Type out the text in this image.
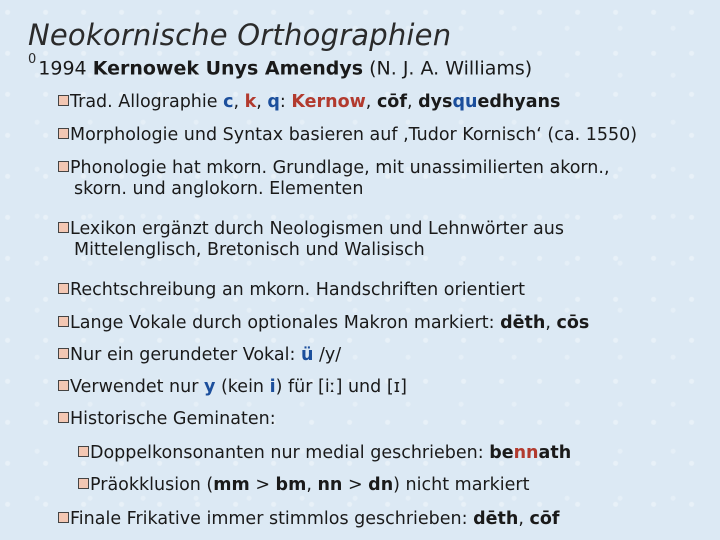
Neokornische Orthographien
$^0$ 1994 Kernowek Unys Amendys (N. J. A. Williams)
Trad. Allographie c, k, q: Kernow, cōf, dysquedhyans
Morphologie und Syntax basieren auf ‚Tudor Kornisch‘ (ca. 1550)
Phonologie hat mkorn. Grundlage, mit unassimilierten akorn.,
skorn. und anglokorn. Elementen
Lexikon ergänzt durch Neologismen und Lehnwörter aus
Mittelenglisch, Bretonisch und Walisisch
Rechtschreibung an mkorn. Handschriften orientiert
Lange Vokale durch optionales Makron markiert: dēth, cōs
Nur ein gerundeter Vokal: ü /y/
Verwendet nur y (kein i) für [iː] und [ɪ]
Historische Geminaten:
Doppelkonsonanten nur medial geschrieben: bennath
Präokklusion (mm > bm, nn > dn) nicht markiert
Finale Frikative immer stimmlos geschrieben: dēth, cōf
